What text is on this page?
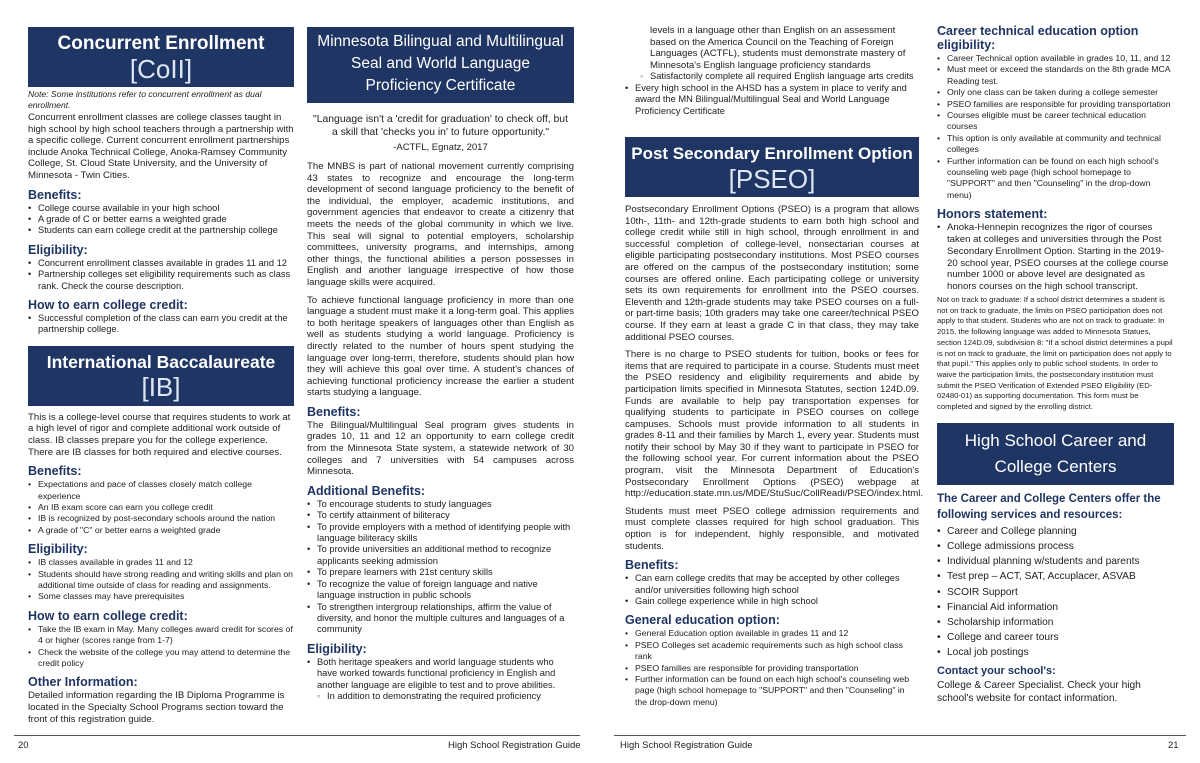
Concurrent Enrollment
[CoII]

Note: Some institutions refer to concurrent enrollment as dual enrollment.

Concurrent enrollment classes are college classes taught in high school by high school teachers through a partnership with a specific college. Current concurrent enrollment partnerships include Anoka Technical College, Anoka-Ramsey Community College, St. Cloud State University, and the University of Minnesota - Twin Cities.

Benefits:
• College course available in your high school
• A grade of C or better earns a weighted grade
• Students can earn college credit at the partnership college
Eligibility:
• Concurrent enrollment classes available in grades 11 and 12
• Partnership colleges set eligibility requirements such as class rank. Check the course description.
How to earn college credit:
• Successful completion of the class can earn you credit at the partnership college.
International Baccalaureate
[IB]

This is a college-level course that requires students to work at a high level of rigor and complete additional work outside of class. IB classes prepare you for the college experience. There are IB classes for both required and elective courses.

Benefits:
• Expectations and pace of classes closely match college experience
• An IB exam score can earn you college credit
• IB is recognized by post-secondary schools around the nation
• A grade of "C" or better earns a weighted grade
Eligibility:
• IB classes available in grades 11 and 12
• Students should have strong reading and writing skills and plan on additional time outside of class for reading and assignments.
• Some classes may have prerequisites
How to earn college credit:
• Take the IB exam in May. Many colleges award credit for scores of 4 or higher (scores range from 1-7)
• Check the website of the college you may attend to determine the credit policy
Other Information:

Detailed information regarding the IB Diploma Programme is located in the Specialty School Programs section toward the front of this registration guide.

Minnesota Bilingual and Multilingual Seal and World Language Proficiency Certificate

"Language isn't a 'credit for graduation' to check off, but a skill that 'checks you in' to future opportunity."

-ACTFL, Egnatz, 2017

The MNBS is part of national movement currently comprising 43 states to recognize and encourage the long-term development of second language proficiency to the benefit of the individual, the employer, academic institutions, and government agencies that endeavor to create a citizenry that meets the needs of the global community in which we live. This seal will signal to potential employers, scholarship committees, university programs, and internships, among other things, the functional abilities a person possesses in English and another language irrespective of how those language skills were acquired.

To achieve functional language proficiency in more than one language a student must make it a long-term goal. This applies to both heritage speakers of languages other than English as well as students studying a world language. Proficiency is directly related to the number of hours spent studying the language over long-term, therefore, students should plan how they will achieve this goal over time. A student's chances of achieving functional proficiency increase the earlier a student starts studying a language.

Benefits:

The Bilingual/Multilingual Seal program gives students in grades 10, 11 and 12 an opportunity to earn college credit from the Minnesota State system, a statewide network of 30 colleges and 7 universities with 54 campuses across Minnesota.

Additional Benefits:
• To encourage students to study languages
• To certify attainment of biliteracy
• To provide employers with a method of identifying people with language biliteracy skills
• To provide universities an additional method to recognize applicants seeking admission
• To prepare learners with 21st century skills
• To recognize the value of foreign language and native language instruction in public schools
• To strengthen intergroup relationships, affirm the value of diversity, and honor the multiple cultures and languages of a community
Eligibility:
• Both heritage speakers and world language students who have worked towards functional proficiency in English and another language are eligible to test and to prove abilities.
▫ In addition to demonstrating the required proficiency

levels in a language other than English on an assessment based on the America Council on the Teaching of Foreign Languages (ACTFL), students must demonstrate mastery of Minnesota's English language proficiency standards

▫ Satisfactorily complete all required English language arts credits
• Every high school in the AHSD has a system in place to verify and award the MN Bilingual/Multilingual Seal and World Language Proficiency Certificate
Post Secondary Enrollment Option
[PSEO]

Postsecondary Enrollment Options (PSEO) is a program that allows 10th-, 11th- and 12th-grade students to earn both high school and college credit while still in high school, through enrollment in and successful completion of college-level, nonsectarian courses at eligible participating postsecondary institutions. Most PSEO courses are offered on the campus of the postsecondary institution; some courses are offered online. Each participating college or university sets its own requirements for enrollment into the PSEO courses. Eleventh and 12th-grade students may take PSEO courses on a full- or part-time basis; 10th graders may take one career/technical PSEO course. If they earn at least a grade C in that class, they may take additional PSEO courses.

There is no charge to PSEO students for tuition, books or fees for items that are required to participate in a course. Students must meet the PSEO residency and eligibility requirements and abide by participation limits specified in Minnesota Statutes, section 124D.09. Funds are available to help pay transportation expenses for qualifying students to participate in PSEO courses on college campuses. Schools must provide information to all students in grades 8-11 and their families by March 1, every year. Students must notify their school by May 30 if they want to participate in PSEO for the following school year. For current information about the PSEO program, visit the Minnesota Department of Education's Postsecondary Enrollment Options (PSEO) webpage at http://education.state.mn.us/MDE/StuSuc/CollReadi/PSEO/index.html.

Students must meet PSEO college admission requirements and must complete classes required for high school graduation. This option is for independent, highly responsible, and motivated students.

Benefits:
• Can earn college credits that may be accepted by other colleges and/or universities following high school
• Gain college experience while in high school
General education option:
• General Education option available in grades 11 and 12
• PSEO Colleges set academic requirements such as high school class rank
• PSEO families are responsible for providing transportation
• Further information can be found on each high school's counseling web page (high school homepage to "SUPPORT" and then "Counseling" in the drop-down menu)
Career technical education option eligibility:
• Career Technical option available in grades 10, 11, and 12
• Must meet or exceed the standards on the 8th grade MCA Reading test.
• Only one class can be taken during a college semester
• PSEO families are responsible for providing transportation
• Courses eligible must be career technical education courses
• This option is only available at community and technical colleges
• Further information can be found on each high school's counseling web page (high school homepage to "SUPPORT" and then "Counseling" in the drop-down menu)
Honors statement:
• Anoka-Hennepin recognizes the rigor of courses taken at colleges and universities through the Post Secondary Enrollment Option. Starting in the 2019-20 school year, PSEO courses at the college course number 1000 or above level are designated as honors courses on the high school transcript.

Not on track to graduate: If a school district determines a student is not on track to graduate, the limits on PSEO participation does not apply to that student. Students who are not on track to graduate: In 2015, the following language was added to Minnesota Statues, section 124D.09, subdivision 8: "If a school district determines a pupil is not on track to graduate, the limit on participation does not apply to that pupil." This applies only to public school students. In order to waive the participation limits, the postsecondary institution must submit the PSEO Verification of Extended PSEO Eligibility (ED-02480-01) as supporting documentation. This form must be completed and signed by the enrolling district.

High School Career and College Centers
The Career and College Centers offer the following services and resources:
• Career and College planning
• College admissions process
• Individual planning w/students and parents
• Test prep – ACT, SAT, Accuplacer, ASVAB
• SCOIR Support
• Financial Aid information
• Scholarship information
• College and career tours
• Local job postings
Contact your school's:

College & Career Specialist. Check your high school's website for contact information.

20	High School Registration Guide	High School Registration Guide	21
